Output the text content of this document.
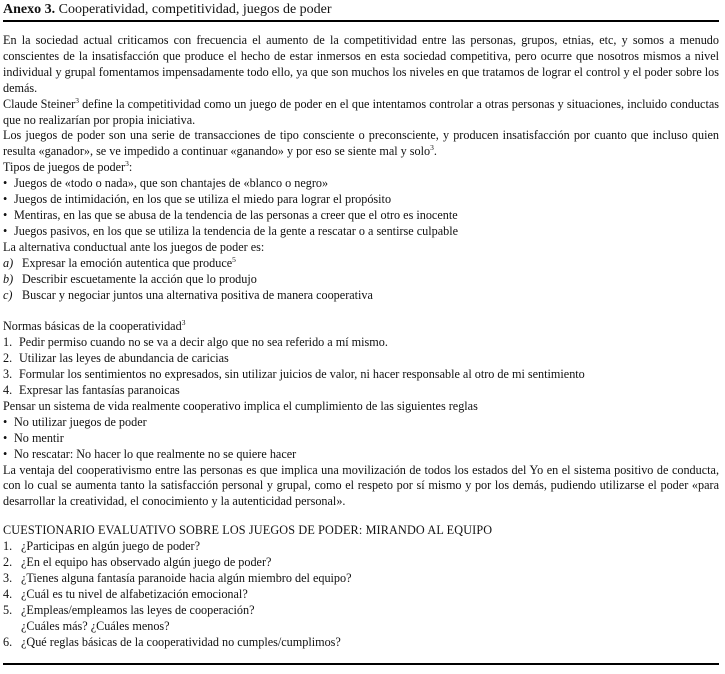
Anexo 3. Cooperatividad, competitividad, juegos de poder

En la sociedad actual criticamos con frecuencia el aumento de la competitividad entre las personas, grupos, etnias, etc, y somos a menudo conscientes de la insatisfacción que produce el hecho de estar inmersos en esta sociedad competitiva, pero ocurre que nosotros mismos a nivel individual y grupal fomentamos impensadamente todo ello, ya que son muchos los niveles en que tratamos de lograr el control y el poder sobre los demás.

Claude Steiner$^3$ define la competitividad como un juego de poder en el que intentamos controlar a otras personas y situaciones, incluido conductas que no realizarían por propia iniciativa.

Los juegos de poder son una serie de transacciones de tipo consciente o preconsciente, y producen insatisfacción por cuanto que incluso quien resulta «ganador», se ve impedido a continuar «ganando» y por eso se siente mal y solo$^3$.

Tipos de juegos de poder$^3$:

• Juegos de «todo o nada», que son chantajes de «blanco o negro»
• Juegos de intimidación, en los que se utiliza el miedo para lograr el propósito
• Mentiras, en las que se abusa de la tendencia de las personas a creer que el otro es inocente
• Juegos pasivos, en los que se utiliza la tendencia de la gente a rescatar o a sentirse culpable

La alternativa conductual ante los juegos de poder es:

a) Expresar la emoción autentica que produce$^5$
b) Describir escuetamente la acción que lo produjo
c) Buscar y negociar juntos una alternativa positiva de manera cooperativa

Normas básicas de la cooperatividad$^3$

1. Pedir permiso cuando no se va a decir algo que no sea referido a mí mismo.
2. Utilizar las leyes de abundancia de caricias
3. Formular los sentimientos no expresados, sin utilizar juicios de valor, ni hacer responsable al otro de mi sentimiento
4. Expresar las fantasías paranoicas

Pensar un sistema de vida realmente cooperativo implica el cumplimiento de las siguientes reglas

• No utilizar juegos de poder
• No mentir
• No rescatar: No hacer lo que realmente no se quiere hacer

La ventaja del cooperativismo entre las personas es que implica una movilización de todos los estados del Yo en el sistema positivo de conducta, con lo cual se aumenta tanto la satisfacción personal y grupal, como el respeto por sí mismo y por los demás, pudiendo utilizarse el poder «para desarrollar la creatividad, el conocimiento y la autenticidad personal».

CUESTIONARIO EVALUATIVO SOBRE LOS JUEGOS DE PODER: MIRANDO AL EQUIPO

1. ¿Participas en algún juego de poder?
2. ¿En el equipo has observado algún juego de poder?
3. ¿Tienes alguna fantasía paranoide hacia algún miembro del equipo?
4. ¿Cuál es tu nivel de alfabetización emocional?
5. ¿Empleas/empleamos las leyes de cooperación?
¿Cuáles más? ¿Cuáles menos?
6. ¿Qué reglas básicas de la cooperatividad no cumples/cumplimos?
